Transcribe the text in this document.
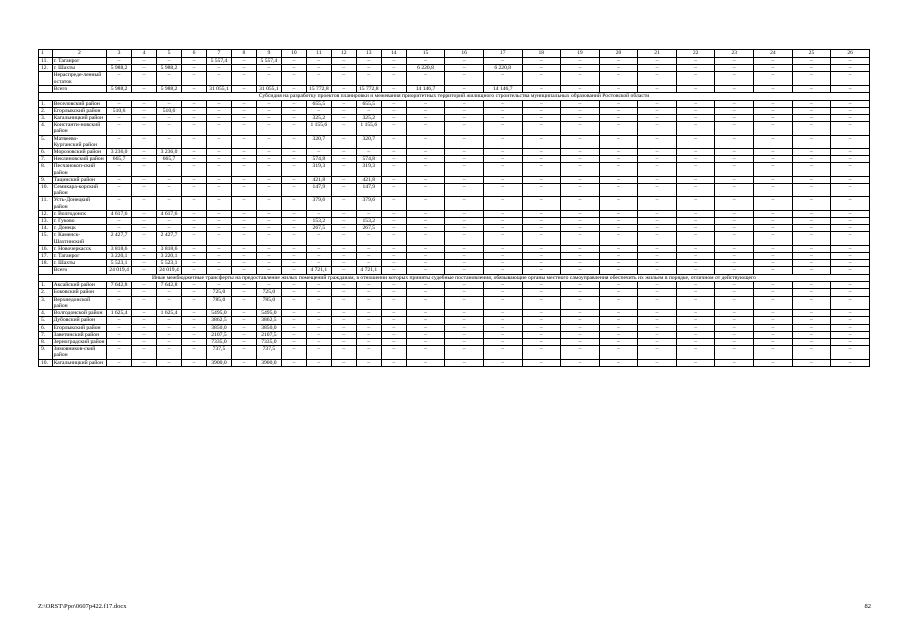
1	2	3	4	5	6	7	8	9	10	11	12	13	14	15	16	17	18	19	20	21	22	23	24	25	26
11.	г. Таганрог	–	–	–	–	5 557,4	–	5 557,4	–	–	–	–	–	–	–	–	–	–	–	–	–	–	–	–	–
12.	г. Шахты	5 988,2	–	5 988,2	–	–	–	–	–	–	–	–	–	6 220,8	–	6 220,8	–	–	–	–	–	–	–	–	–
	Нераспреде-ленный остаток	–	–	–	–	–	–	–	–	–	–	–	–	–	–	–	–	–	–	–	–	–	–	–	–
	Всего	5 988,2	–	5 988,2	–	31 055,1	–	31 055,1	–	15 772,8	–	15 772,8	–	14 146,7	–	14 146,7	–	–	–	–	–	–	–	–	–
Субсидия на разработку проектов планировки и межевания приоритетных территорий жилищного строительства муниципальных образований Ростовской области																									
1.	Веселовский район	–	–	–	–	–	–	–	–	655,5	–	655,5	–	–	–	–	–	–	–	–	–	–	–	–	–
2.	Егорлыкский район	510,6	–	510,6	–	–	–	–	–	–	–	–	–	–	–	–	–	–	–	–	–	–	–	–	–
3.	Кагальницкий район	–	–	–	–	–	–	–	–	325,2	–	325,2	–	–	–	–	–	–	–	–	–	–	–	–	–
4.	Константи-новский район	–	–	–	–	–	–	–	–	1 155,6	–	1 155,6	–	–	–	–	–	–	–	–	–	–	–	–	–
5.	Матвеево-Курганский район	–	–	–	–	–	–	–	–	320,7	–	320,7	–	–	–	–	–	–	–	–	–	–	–	–	–
6.	Морозовский район	3 236,0	–	3 236,0	–	–	–	–	–	–	–	–	–	–	–	–	–	–	–	–	–	–	–	–	–
7.	Неклиновский район	665,7	–	665,7	–	–	–	–	–	574,8	–	574,8	–	–	–	–	–	–	–	–	–	–	–	–	–
8.	Песчанокоп-ский район	–	–	–	–	–	–	–	–	319,3	–	319,3	–	–	–	–	–	–	–	–	–	–	–	–	–
9.	Тацинский район	–	–	–	–	–	–	–	–	421,8	–	421,8	–	–	–	–	–	–	–	–	–	–	–	–	–
10.	Семикара-корский район	–	–	–	–	–	–	–	–	147,9	–	147,9	–	–	–	–	–	–	–	–	–	–	–	–	–
11.	Усть-Донецкий район	–	–	–	–	–	–	–	–	379,6	–	379,6	–	–	–	–	–	–	–	–	–	–	–	–	–
12.	г. Волгодонск	4 617,6	–	4 617,6	–	–	–	–	–	–	–	–	–	–	–	–	–	–	–	–	–	–	–	–	–
13.	г. Гуково	–	–	–	–	–	–	–	–	153,2	–	153,2	–	–	–	–	–	–	–	–	–	–	–	–	–
14.	г. Донецк	–	–	–	–	–	–	–	–	267,5	–	267,5	–	–	–	–	–	–	–	–	–	–	–	–	–
15.	г. Каменск-Шахтинский	2 427,7	–	2 427,7	–	–	–	–	–	–	–	–	–	–	–	–	–	–	–	–	–	–	–	–	–
16.	г. Новочеркасск	3 818,6	–	3 818,6	–	–	–	–	–	–	–	–	–	–	–	–	–	–	–	–	–	–	–	–	–
17.	г. Таганрог	3 220,1	–	3 220,1	–	–	–	–	–	–	–	–	–	–	–	–	–	–	–	–	–	–	–	–	–
18.	г. Шахты	5 523,1	–	5 523,1	–	–	–	–	–	–	–	–	–	–	–	–	–	–	–	–	–	–	–	–	–
	Всего	24 019,4	–	24 019,4	–	–	–	–	–	4 721,1	–	4 721,1	–	–	–	–	–	–	–	–	–	–	–	–	–
Иные межбюджетные трансферты на предоставление жилых помещений гражданам, в отношении которых приняты судебные постановления, обязывающие органы местного самоуправления обеспечить их жильем в порядке, отличном от действующего																									
1.	Аксайский район	7 642,8	–	7 642,8	–	–	–	–	–	–	–	–	–	–	–	–	–	–	–	–	–	–	–	–	–
2.	Боковский район	–	–	–	–	725,0	–	725,0	–	–	–	–	–	–	–	–	–	–	–	–	–	–	–	–	–
3.	Верхнедонской район	–	–	–	–	785,0	–	785,0	–	–	–	–	–	–	–	–	–	–	–	–	–	–	–	–	–
4.	Волгодонской район	1 625,4	–	1 625,4	–	5495,0	–	5495,0	–	–	–	–	–	–	–	–	–	–	–	–	–	–	–	–	–
5.	Дубовский район	–	–	–	–	3862,5	–	3862,5	–	–	–	–	–	–	–	–	–	–	–	–	–	–	–	–	–
6.	Егорлыкский район	–	–	–	–	3850,0	–	3850,0	–	–	–	–	–	–	–	–	–	–	–	–	–	–	–	–	–
7.	Заветинский район	–	–	–	–	2107,5	–	2107,5	–	–	–	–	–	–	–	–	–	–	–	–	–	–	–	–	–
8.	Зерноградский район	–	–	–	–	7335,0	–	7335,0	–	–	–	–	–	–	–	–	–	–	–	–	–	–	–	–	–
9.	Зимовников-ский район	–	–	–	–	737,5	–	737,5	–	–	–	–	–	–	–	–	–	–	–	–	–	–	–	–	–
10.	Кагальницкий район	–	–	–	–	3900,0	–	3900,0	–	–	–	–	–	–	–	–	–	–	–	–	–	–	–	–	–
Z:\ORST\Ppo\0607p422.f17.docx	82
